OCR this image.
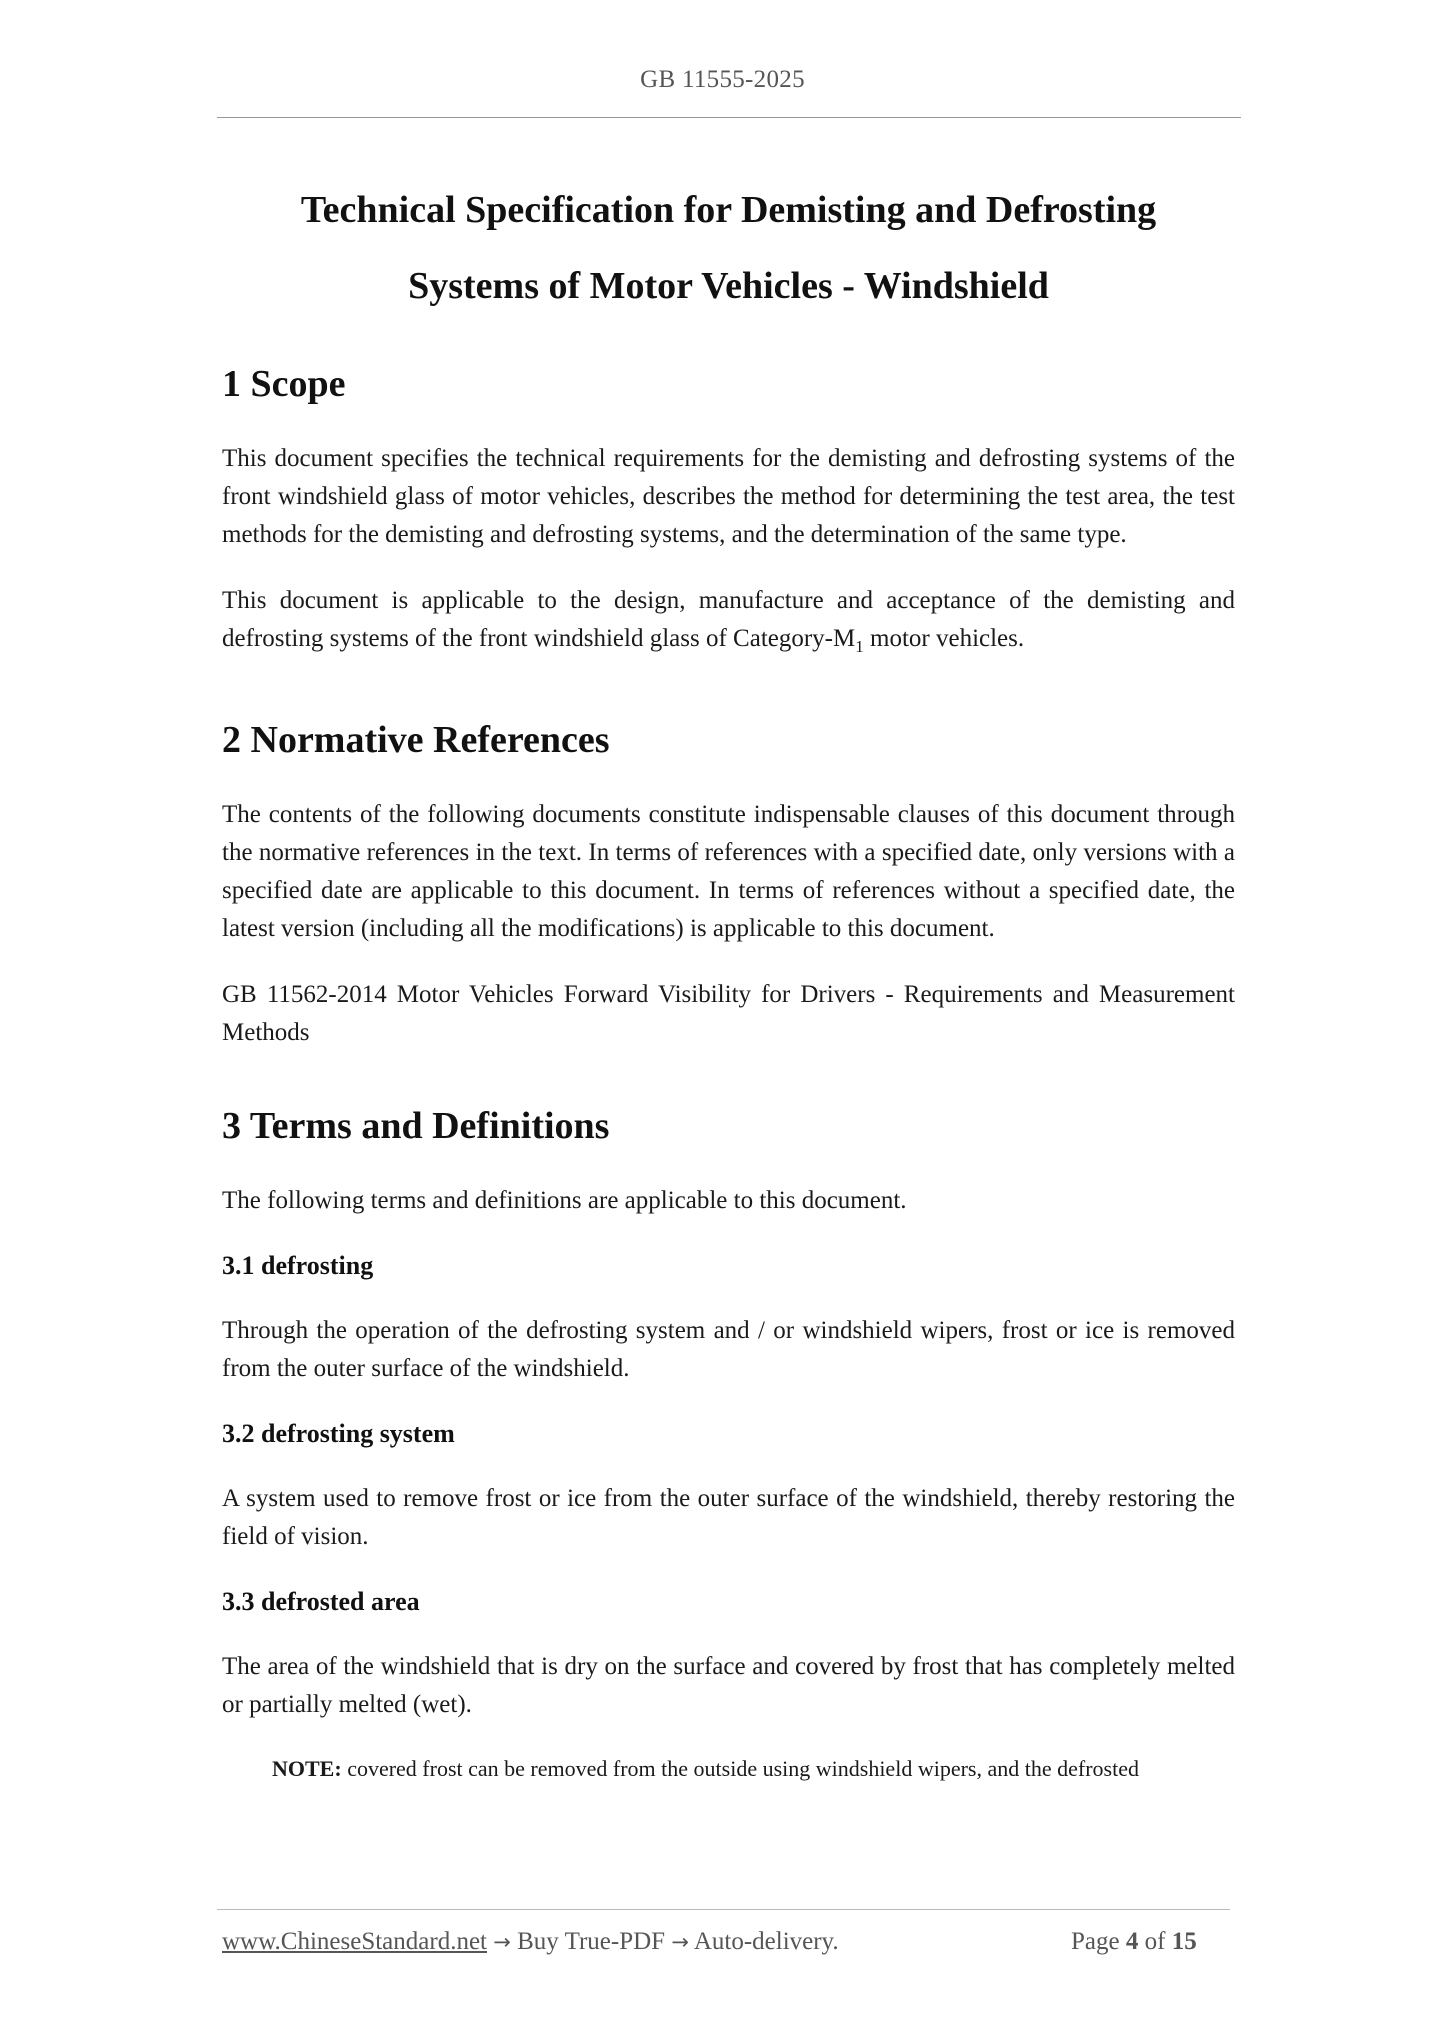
GB 11555-2025
Technical Specification for Demisting and Defrosting
Systems of Motor Vehicles - Windshield
1 Scope

This document specifies the technical requirements for the demisting and defrosting systems of the front windshield glass of motor vehicles, describes the method for determining the test area, the test methods for the demisting and defrosting systems, and the determination of the same type.

This document is applicable to the design, manufacture and acceptance of the demisting and defrosting systems of the front windshield glass of Category-$M_1$ motor vehicles.

2 Normative References

The contents of the following documents constitute indispensable clauses of this document through the normative references in the text. In terms of references with a specified date, only versions with a specified date are applicable to this document. In terms of references without a specified date, the latest version (including all the modifications) is applicable to this document.

GB 11562-2014 Motor Vehicles Forward Visibility for Drivers - Requirements and Measurement Methods

3 Terms and Definitions

The following terms and definitions are applicable to this document.

3.1 defrosting

Through the operation of the defrosting system and / or windshield wipers, frost or ice is removed from the outer surface of the windshield.

3.2 defrosting system

A system used to remove frost or ice from the outer surface of the windshield, thereby restoring the field of vision.

3.3 defrosted area

The area of the windshield that is dry on the surface and covered by frost that has completely melted or partially melted (wet).

NOTE: covered frost can be removed from the outside using windshield wipers, and the defrosted

www.ChineseStandard.net → Buy True-PDF → Auto-delivery.	Page 4 of 15
